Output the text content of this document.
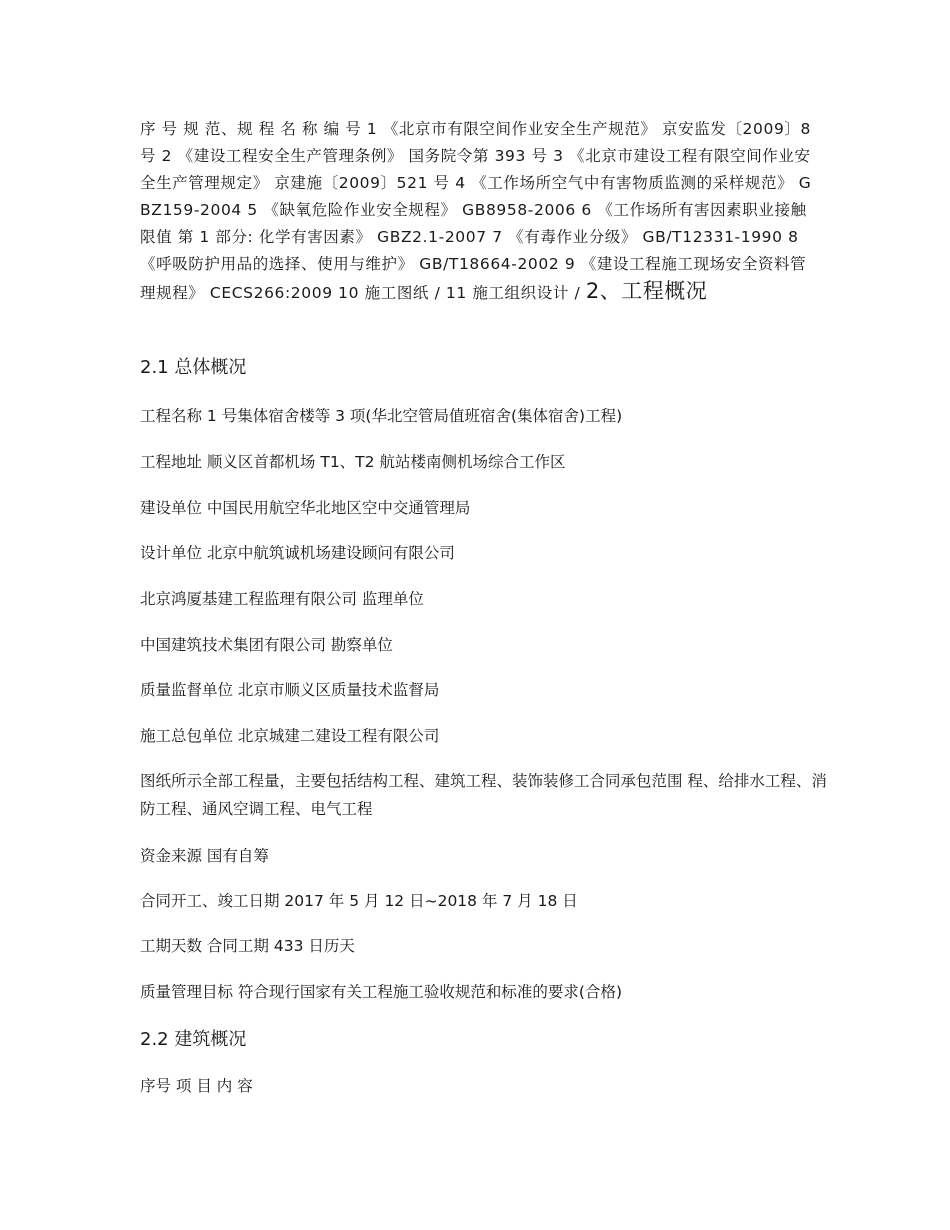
序 号 规 范、规 程 名 称 编 号 1 《北京市有限空间作业安全生产规范》 京安监发〔2009〕8 号 2 《建设工程安全生产管理条例》 国务院令第 393 号 3 《北京市建设工程有限空间作业安全生产管理规定》 京建施〔2009〕521 号 4 《工作场所空气中有害物质监测的采样规范》 GBZ159-2004 5 《缺氧危险作业安全规程》 GB8958-2006 6 《工作场所有害因素职业接触限值 第 1 部分: 化学有害因素》 GBZ2.1-2007 7 《有毒作业分级》 GB/T12331-1990 8 《呼吸防护用品的选择、使用与维护》 GB/T18664-2002 9 《建设工程施工现场安全资料管理规程》 CECS266:2009 10 施工图纸 / 11 施工组织设计 / 2、工程概况

2.1 总体概况

工程名称 1 号集体宿舍楼等 3 项(华北空管局值班宿舍(集体宿舍)工程)

工程地址 顺义区首都机场 T1、T2 航站楼南侧机场综合工作区

建设单位 中国民用航空华北地区空中交通管理局

设计单位 北京中航筑诚机场建设顾问有限公司

北京鸿厦基建工程监理有限公司 监理单位

中国建筑技术集团有限公司 勘察单位

质量监督单位 北京市顺义区质量技术监督局

施工总包单位 北京城建二建设工程有限公司

图纸所示全部工程量，主要包括结构工程、建筑工程、装饰装修工合同承包范围 程、给排水工程、消防工程、通风空调工程、电气工程

资金来源 国有自筹

合同开工、竣工日期 2017 年 5 月 12 日~2018 年 7 月 18 日

工期天数 合同工期 433 日历天

质量管理目标 符合现行国家有关工程施工验收规范和标准的要求(合格)

2.2 建筑概况

序号 项 目 内 容
